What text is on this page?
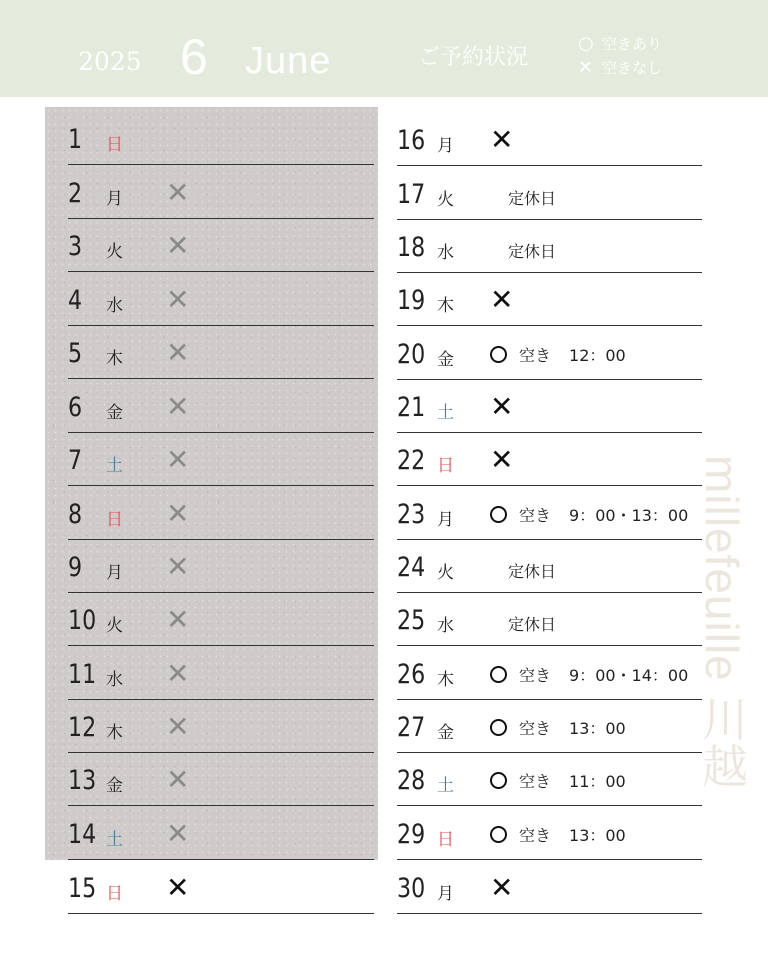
2025 6 June	ご予約状況
○ 空きあり
✕ 空きなし
1 日
2 月 ✕
3 火 ✕
4 水 ✕
5 木 ✕
6 金 ✕
7 土 ✕
8 日 ✕
9 月 ✕
10 火 ✕
11 水 ✕
12 木 ✕
13 金 ✕
14 土 ✕
15 日 ✕
16 月 ✕
17 火	定休日
18 水	定休日
19 木 ✕
20 金	空き 12：00
21 土 ✕
22 日 ✕
23 月	空き 9：00・13：00
24 火	定休日
25 水	定休日
26 木	空き 9：00・14：00
27 金	空き 13：00
28 土	空き 11：00
29 日	空き 13：00
30 月 ✕
millefeuille 川越
